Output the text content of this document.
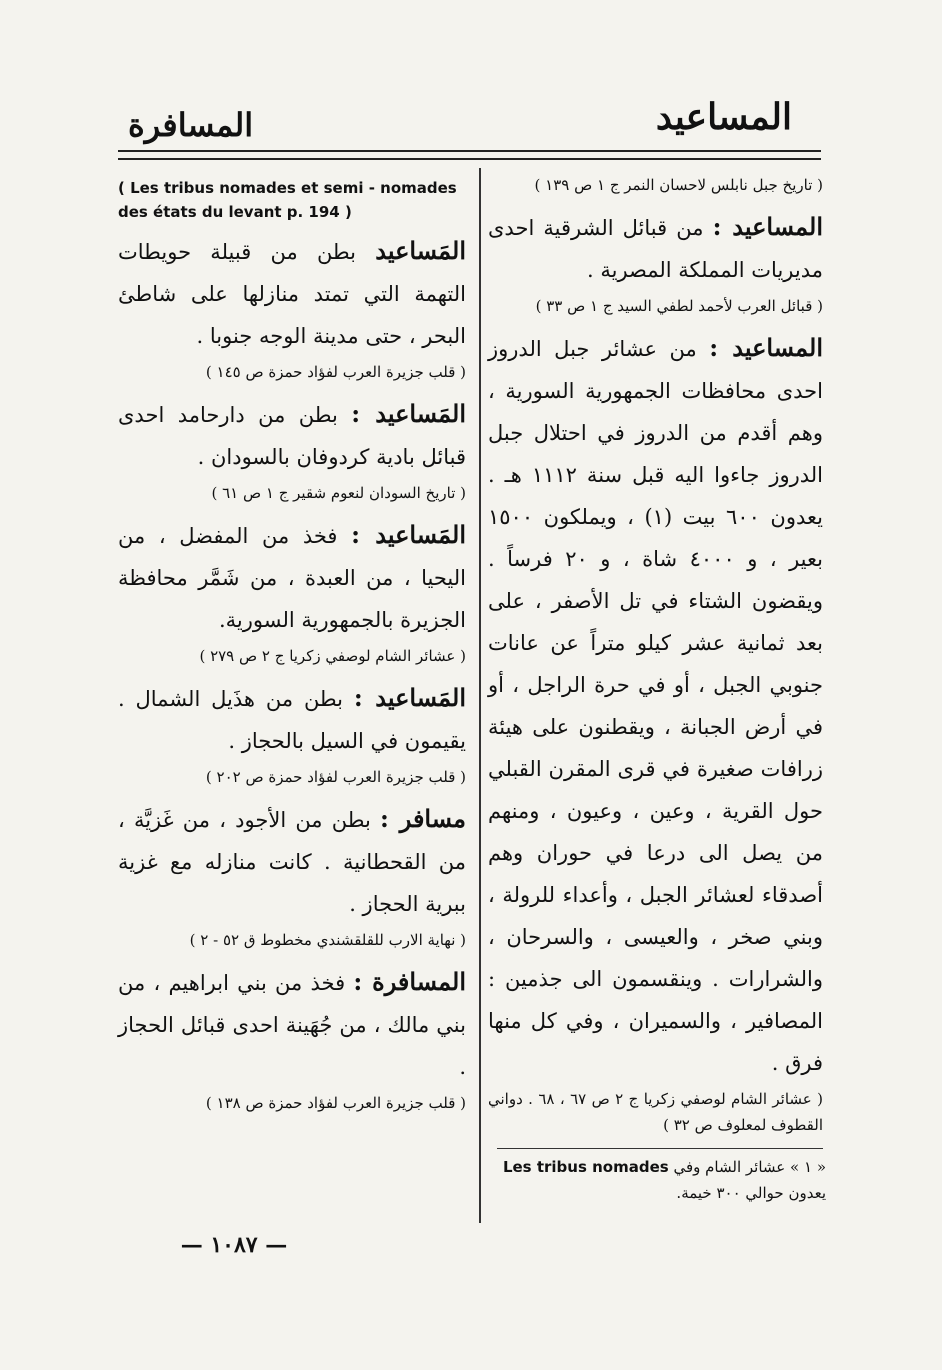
المساعيد
المسافرة

( تاريخ جبل نابلس لاحسان النمر ج ١ ص ١٣٩ )

المساعيد : من قبائل الشرقية احدى مديريات المملكة المصرية .

( قبائل العرب لأحمد لطفي السيد ج ١ ص ٣٣ )

المساعيد : من عشائر جبل الدروز احدى محافظات الجمهورية السورية ، وهم أقدم من الدروز في احتلال جبل الدروز جاءوا اليه قبل سنة ١١١٢ هـ . يعدون ٦٠٠ بيت (١) ، ويملكون ١٥٠٠ بعير ، و ٤٠٠٠ شاة ، و ٢٠ فرساً . ويقضون الشتاء في تل الأصفر ، على بعد ثمانية عشر كيلو متراً عن عانات جنوبي الجبل ، أو في حرة الراجل ، أو في أرض الجبانة ، ويقطنون على هيئة زرافات صغيرة في قرى المقرن القبلي حول القرية ، وعين ، وعيون ، ومنهم من يصل الى درعا في حوران وهم أصدقاء لعشائر الجبل ، وأعداء للرولة ، وبني صخر ، والعيسى ، والسرحان ، والشرارات . وينقسمون الى جذمين : المصافير ، والسميران ، وفي كل منها فرق .

( عشائر الشام لوصفي زكريا ج ٢ ص ٦٧ ، ٦٨ . دواني القطوف لمعلوف ص ٣٢ )

« ١ » عشائر الشام وفي Les tribus nomades
يعدون حوالي ٣٠٠ خيمة.

( Les tribus nomades et semi - nomades des états du levant p. 194 )

المَساعيد بطن من قبيلة حويطات التهمة التي تمتد منازلها على شاطئ البحر ، حتى مدينة الوجه جنوبا .

( قلب جزيرة العرب لفؤاد حمزة ص ١٤٥ )

المَساعيد : بطن من دارحامد احدى قبائل بادية كردوفان بالسودان .

( تاريخ السودان لنعوم شقير ج ١ ص ٦١ )

المَساعيد : فخذ من المفضل ، من اليحيا ، من العبدة ، من شَمَّر محافظة الجزيرة بالجمهورية السورية.

( عشائر الشام لوصفي زكريا ج ٢ ص ٢٧٩ )

المَساعيد : بطن من هذَيل الشمال . يقيمون في السيل بالحجاز .

( قلب جزيرة العرب لفؤاد حمزة ص ٢٠٢ )

مسافر : بطن من الأجود ، من غَزيَّة ، من القحطانية . كانت منازله مع غزية ببرية الحجاز .

( نهاية الارب للقلقشندي مخطوط ق ٥٢ - ٢ )

المسافرة : فخذ من بني ابراهيم ، من بني مالك ، من جُهَينة احدى قبائل الحجاز .

( قلب جزيرة العرب لفؤاد حمزة ص ١٣٨ )

— ١٠٨٧ —
